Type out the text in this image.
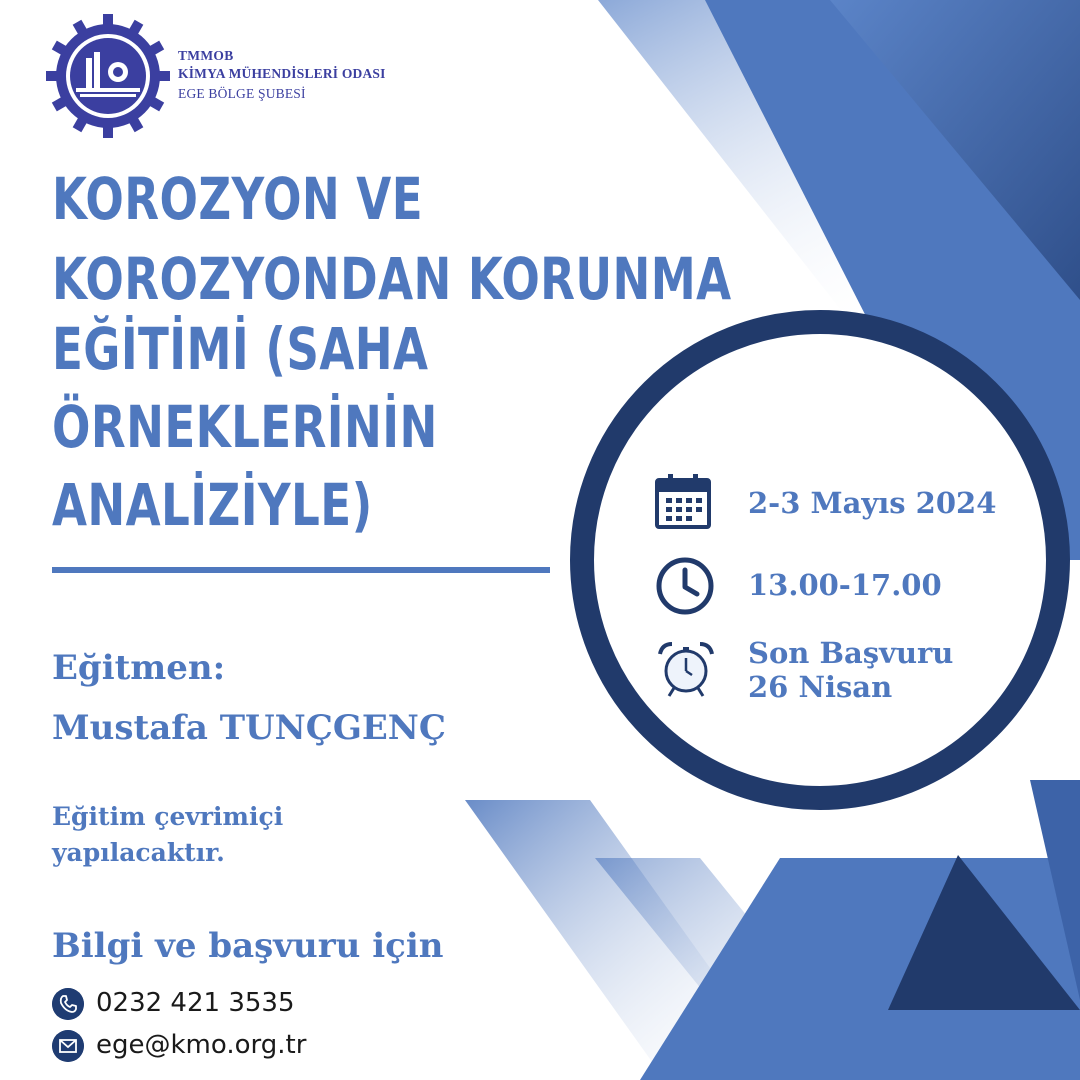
TMMOB
KİMYA MÜHENDİSLERİ ODASI
EGE BÖLGE ŞUBESİ
KOROZYON VE
KOROZYONDAN KORUNMA
EĞİTİMİ (SAHA
ÖRNEKLERİNİN
ANALİZİYLE)
Eğitmen:
Mustafa TUNÇGENÇ
Eğitim çevrimiçi
yapılacaktır.
Bilgi ve başvuru için
0232 421 3535
ege@kmo.org.tr
2-3 Mayıs 2024
13.00-17.00
Son Başvuru
26 Nisan
